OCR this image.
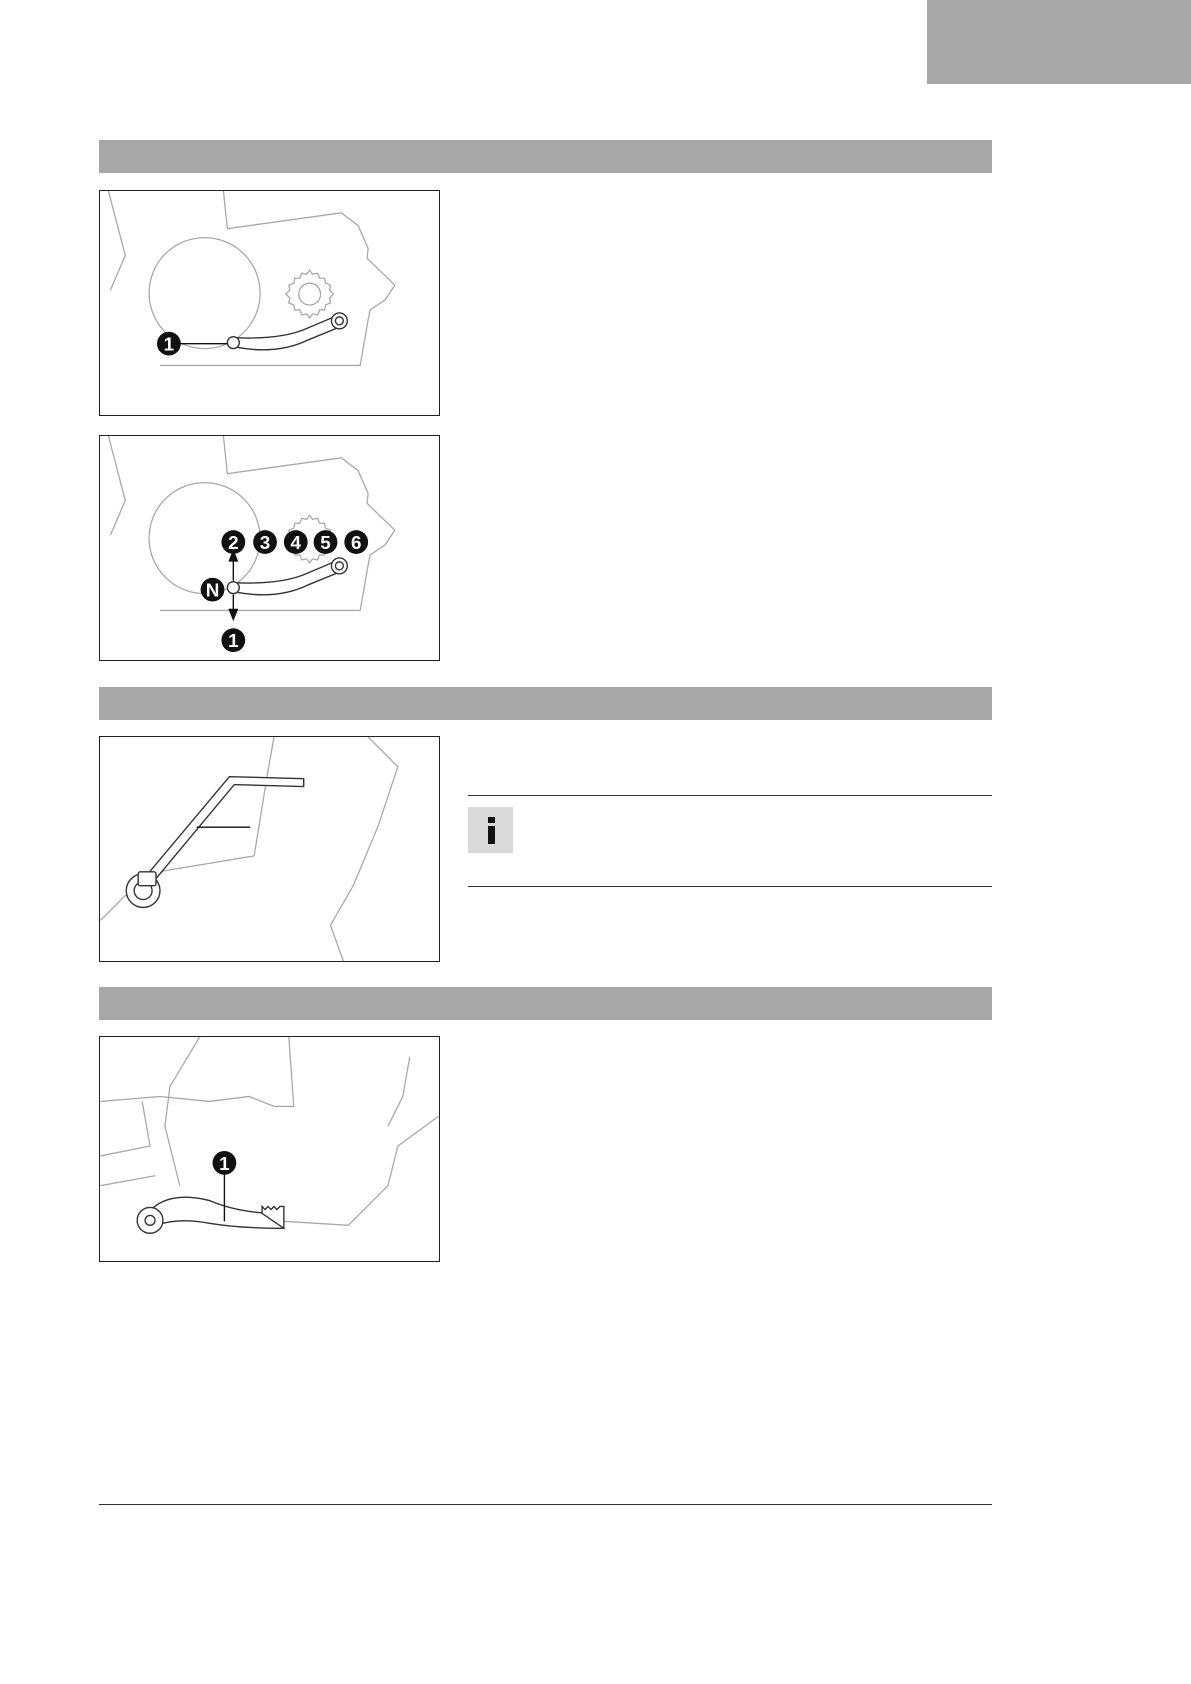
1
2 3 4 5 6
N
1
1
